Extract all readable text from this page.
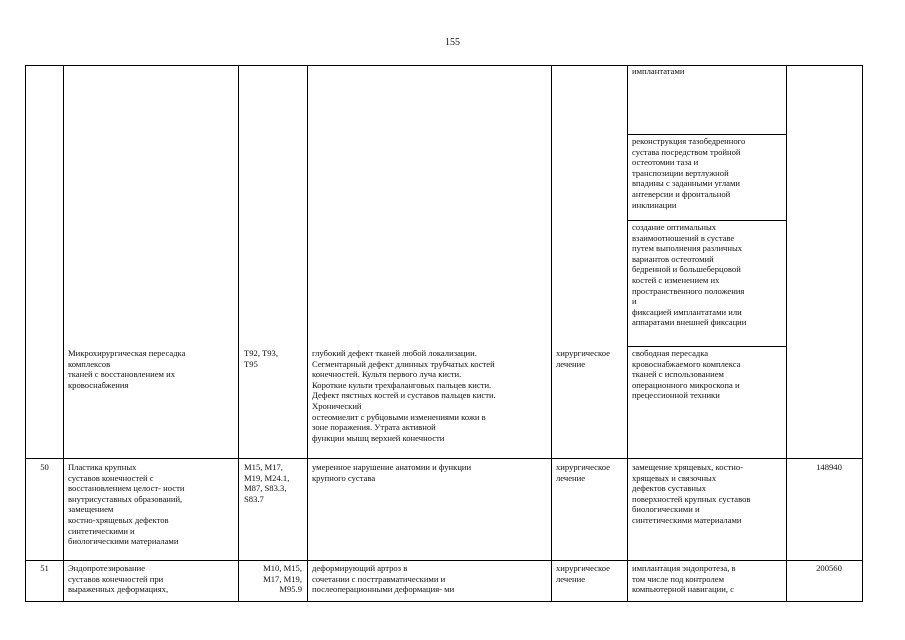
155
имплантатами
реконструкция тазобедренного
сустава посредством тройной
остеотомии таза и
транспозиции вертлужной
впадины с заданными углами
антеверсии и фронтальной
инклинации
создание оптимальных
взаимоотношений в суставе
путем выполнения различных
вариантов остеотомий
бедренной и большеберцовой
костей с изменением их
пространственного положения
и
фиксацией имплантатами или
аппаратами внешней фиксации
Микрохирургическая пересадка
комплексов
тканей с восстановлением их
кровоснабжения
T92, T93,
T95
глубокий дефект тканей любой локализации.
Сегментарный дефект длинных трубчатых костей
конечностей. Культя первого луча кисти.
Короткие культи трехфаланговых пальцев кисти.
Дефект пястных костей и суставов пальцев кисти.
Хронический
остеомиелит с рубцовыми изменениями кожи в
зоне поражения. Утрата активной
функции мышц верхней конечности
хирургическое
лечение
свободная пересадка
кровоснабжаемого комплекса
тканей с использованием
операционного микроскопа и
прецессионной техники
50	Пластика крупных
суставов конечностей с
восстановлением целост- ности
внутрисуставных образований,
замещением
костно-хрящевых дефектов
синтетическими и
биологическими материалами
M15, M17,
M19, M24.1,
M87, S83.3,
S83.7
умеренное нарушение анатомии и функции
крупного сустава
хирургическое
лечение
замещение хрящевых, костно-
хрящевых и связочных
дефектов суставных
поверхностей крупных суставов
биологическими и
синтетическими материалами
148940
51	Эндопротезирование
суставов конечностей при
выраженных деформациях,
M10, M15,
M17, M19,
M95.9
деформирующий артроз в
сочетании с посттравматическими и
послеоперационными деформация- ми
хирургическое
лечение
имплантация эндопротеза, в
том числе под контролем
компьютерной навигации, с
200560
